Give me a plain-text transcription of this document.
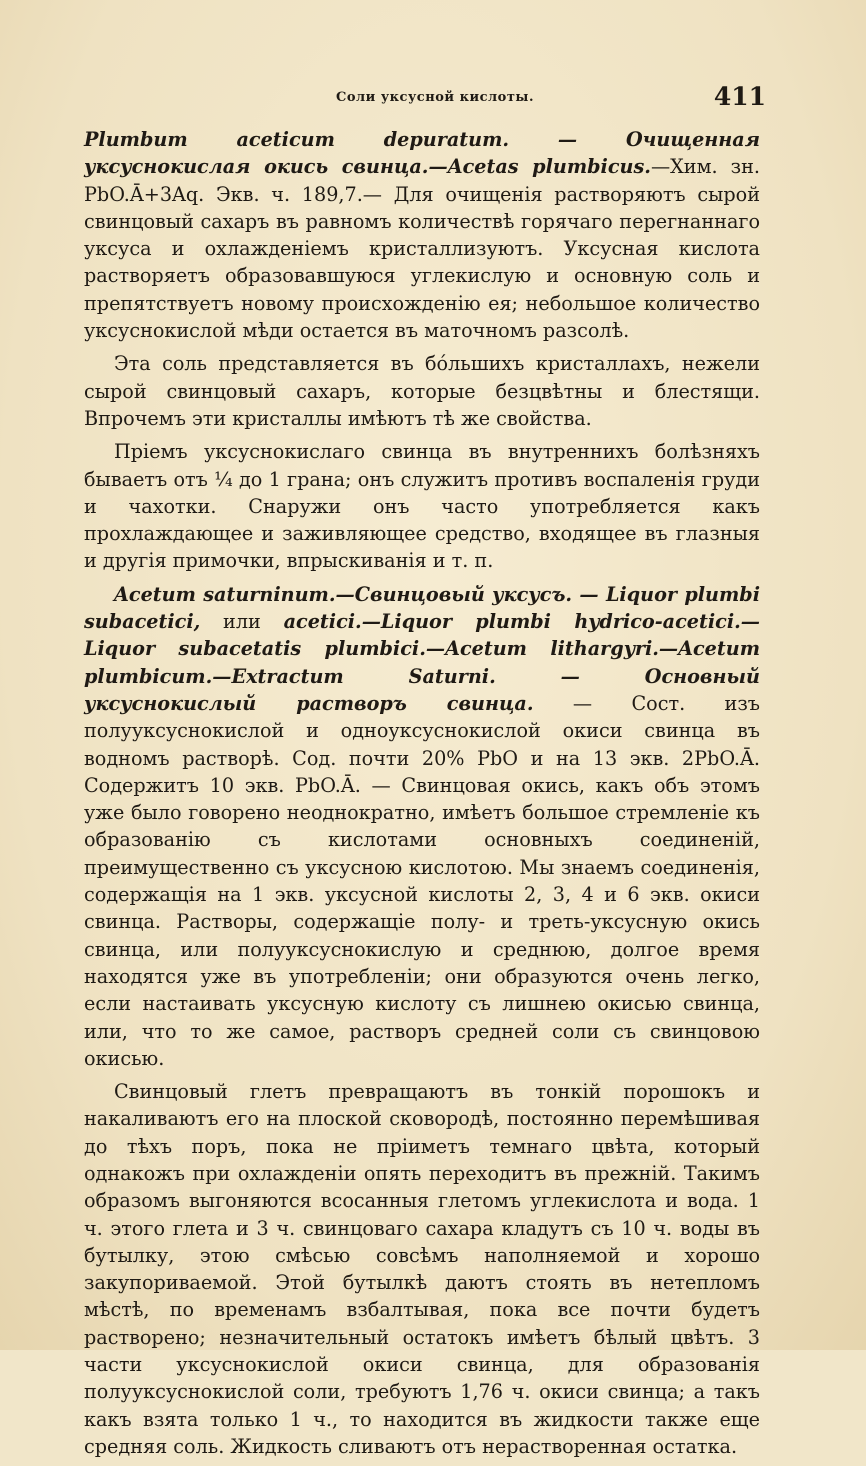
Соли уксусной кислоты.	411

Plumbum aceticum depuratum. — Очищенная уксуснокислая окись свинца.—Acetas plumbicus.—Хим. зн. PbO.Ā+3Aq. Экв. ч. 189,7.— Для очищенія растворяютъ сырой свинцовый сахаръ въ равномъ количествѣ горячаго перегнаннаго уксуса и охлажденіемъ кристаллизуютъ. Уксусная кислота растворяетъ образовавшуюся углекислую и основную соль и препятствуетъ новому происхожденію ея; небольшое количество уксуснокислой мѣди остается въ маточномъ разсолѣ.

Эта соль представляется въ бóльшихъ кристаллахъ, нежели сырой свинцовый сахаръ, которые безцвѣтны и блестящи. Впрочемъ эти кристаллы имѣютъ тѣ же свойства.

Пріемъ уксуснокислаго свинца въ внутреннихъ болѣзняхъ бываетъ отъ ¼ до 1 грана; онъ служитъ противъ воспаленія груди и чахотки. Снаружи онъ часто употребляется какъ прохлаждающее и заживляющее средство, входящее въ глазныя и другія примочки, впрыскиванія и т. п.

Acetum saturninum.—Свинцовый уксусъ. — Liquor plumbi subacetici, или acetici.—Liquor plumbi hydrico-acetici.—Liquor subacetatis plumbici.—Acetum lithargyri.—Acetum plumbicum.—Extractum Saturni. — Основный уксуснокислый растворъ свинца. — Сост. изъ полууксуснокислой и одноуксуснокислой окиси свинца въ водномъ растворѣ. Сод. почти 20% PbO и на 13 экв. 2PbO.Ā. Содержитъ 10 экв. PbO.Ā. — Свинцовая окись, какъ объ этомъ уже было говорено неоднократно, имѣетъ большое стремленіе къ образованію съ кислотами основныхъ соединеній, преимущественно съ уксусною кислотою. Мы знаемъ соединенія, содержащія на 1 экв. уксусной кислоты 2, 3, 4 и 6 экв. окиси свинца. Растворы, содержащіе полу- и треть-уксусную окись свинца, или полууксуснокислую и среднюю, долгое время находятся уже въ употребленіи; они образуются очень легко, если настаивать уксусную кислоту съ лишнею окисью свинца, или, что то же самое, растворъ средней соли съ свинцовою окисью.

Свинцовый глетъ превращаютъ въ тонкій порошокъ и накаливаютъ его на плоской сковородѣ, постоянно перемѣшивая до тѣхъ поръ, пока не пріиметъ темнаго цвѣта, который однакожъ при охлажденіи опять переходитъ въ прежній. Такимъ образомъ выгоняются всосанныя глетомъ углекислота и вода. 1 ч. этого глета и 3 ч. свинцоваго сахара кладутъ съ 10 ч. воды въ бутылку, этою смѣсью совсѣмъ наполняемой и хорошо закупориваемой. Этой бутылкѣ даютъ стоять въ нетепломъ мѣстѣ, по временамъ взбалтывая, пока все почти будетъ растворено; незначительный остатокъ имѣетъ бѣлый цвѣтъ. 3 части уксуснокислой окиси свинца, для образованія полууксуснокислой соли, требуютъ 1,76 ч. окиси свинца; а такъ какъ взята только 1 ч., то находится въ жидкости также еще средняя соль. Жидкость сливаютъ отъ нерастворенная остатка.
